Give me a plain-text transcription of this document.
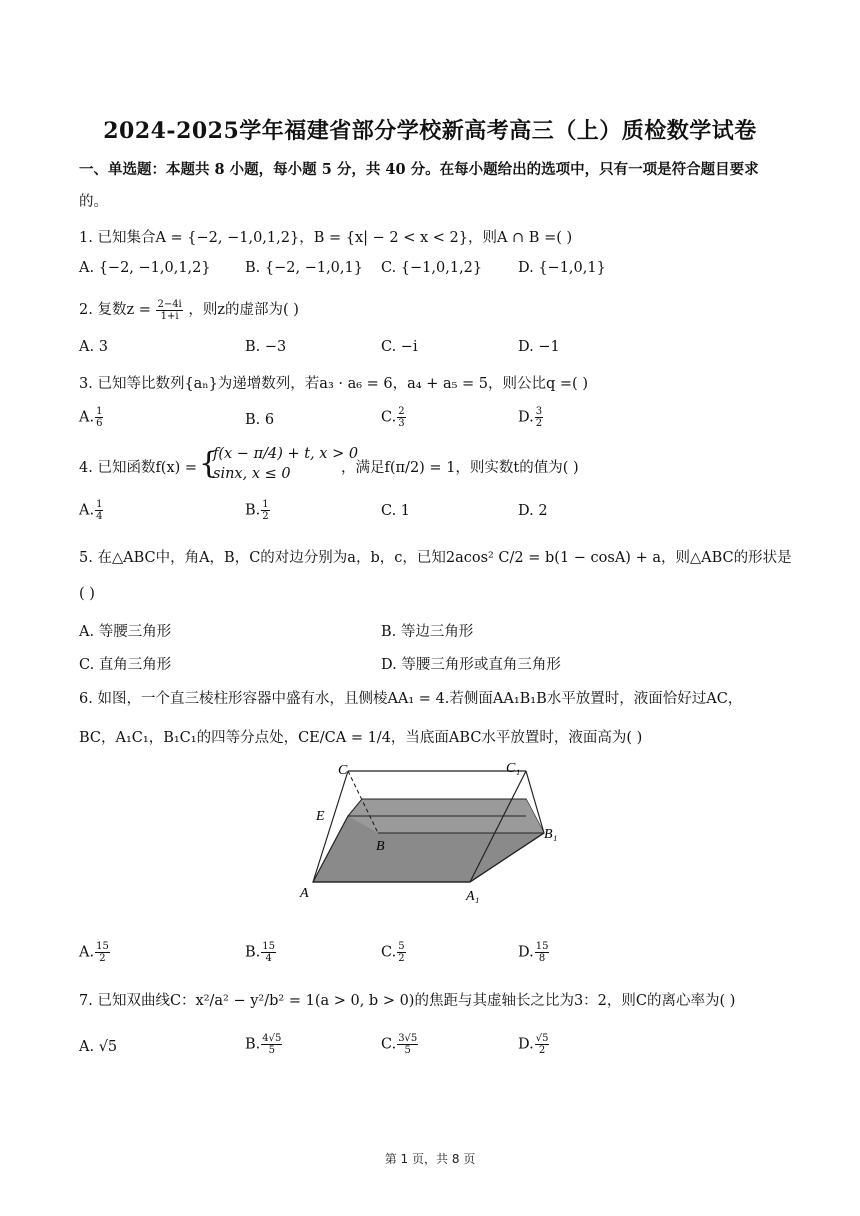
2024-2025学年福建省部分学校新高考高三（上）质检数学试卷
一、单选题：本题共 8 小题，每小题 5 分，共 40 分。在每小题给出的选项中，只有一项是符合题目要求
的。
1. 已知集合A = {−2, −1,0,1,2}，B = {x| − 2 < x < 2}，则A ∩ B =( )
A. {−2, −1,0,1,2} B. {−2, −1,0,1} C. {−1,0,1,2} D. {−1,0,1}
2. 复数$z = \frac{2-4i}{1+i}$ ，则z的虚部为( )
A. 3	B. −3	C. −i	D. −1
3. 已知等比数列{aₙ}为递增数列，若a₃ · a₆ = 6，a₄ + a₅ = 5，则公比q =( )
A. $\frac{1}{6}$	B. 6	C. $\frac{2}{3}$	D. $\frac{3}{2}$
4. 已知函数f(x) = {
f(x − π/4) + t, x > 0
sinx, x ≤ 0	，满足f(π/2) = 1，则实数t的值为( )
A. $\frac{1}{4}$	B. $\frac{1}{2}$	C. 1	D. 2
5. 在△ABC中，角A，B，C的对边分别为a，b，c，已知2acos² C/2 = b(1 − cosA) + a，则△ABC的形状是
( )
A. 等腰三角形	B. 等边三角形
C. 直角三角形	D. 等腰三角形或直角三角形
6. 如图，一个直三棱柱形容器中盛有水，且侧棱AA₁ = 4.若侧面AA₁B₁B水平放置时，液面恰好过AC，
BC，A₁C₁，B₁C₁的四等分点处，CE/CA = 1/4，当底面ABC水平放置时，液面高为( )
C	C₁
E
B
B₁
A	A₁
A. $\frac{15}{2}$	B. $\frac{15}{4}$	C. $\frac{5}{2}$	D. $\frac{15}{8}$
7. 已知双曲线C：x²/a² − y²/b² = 1(a > 0, b > 0)的焦距与其虚轴长之比为3：2，则C的离心率为( )
A. √5	B. $\frac{4√5}{5}$	C. $\frac{3√5}{5}$	D. $\frac{√5}{2}$
第 1 页，共 8 页
